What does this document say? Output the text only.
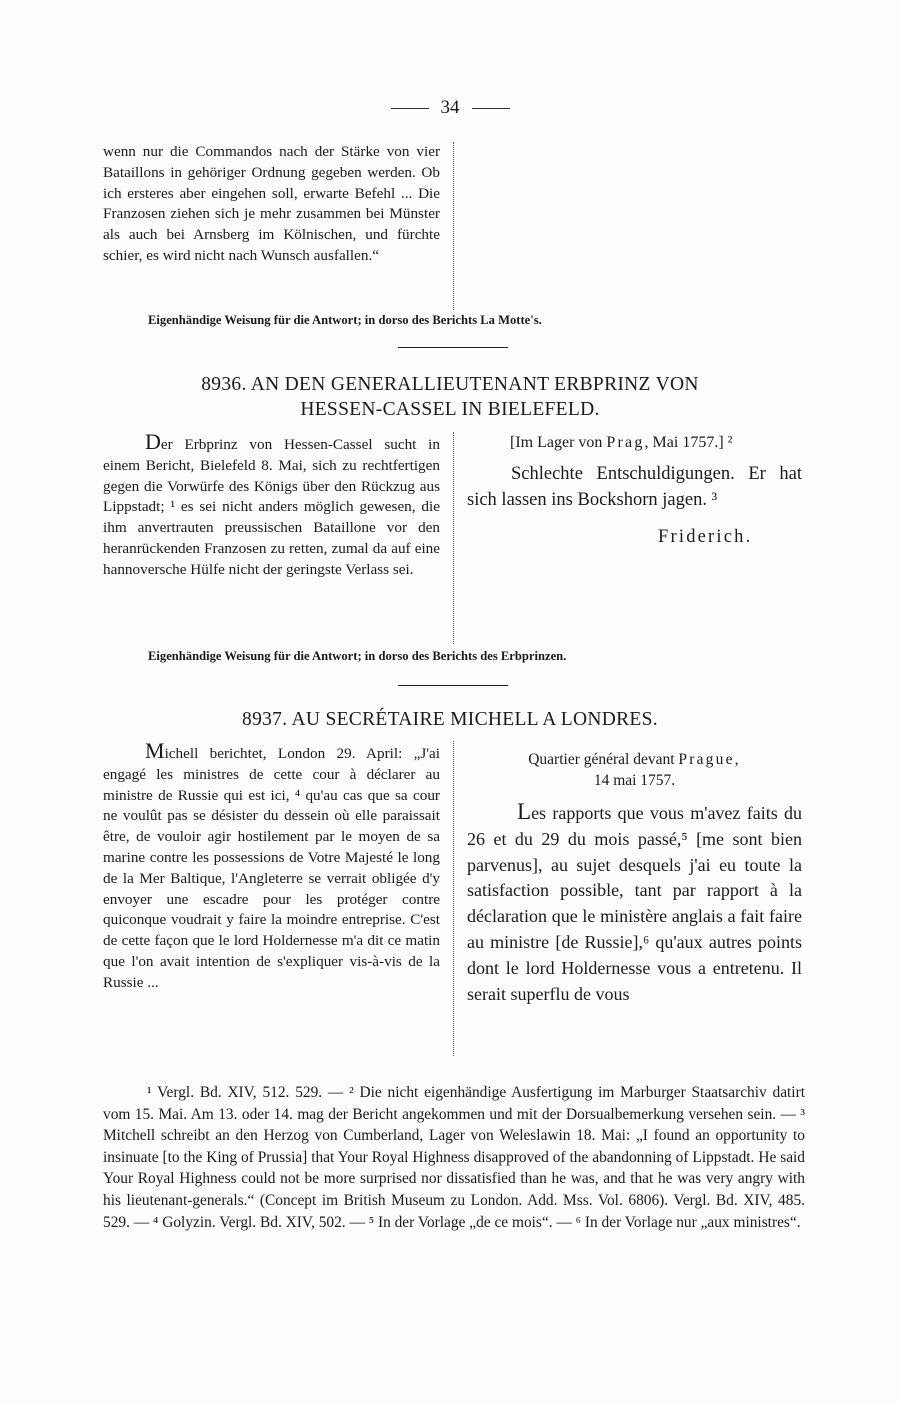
34

wenn nur die Commandos nach der Stärke von vier Bataillons in gehöriger Ordnung gegeben werden. Ob ich ersteres aber eingehen soll, erwarte Befehl ... Die Franzosen ziehen sich je mehr zusammen bei Münster als auch bei Arnsberg im Kölnischen, und fürchte schier, es wird nicht nach Wunsch ausfallen.“

Eigenhändige Weisung für die Antwort; in dorso des Berichts La Motte's.
8936. AN DEN GENERALLIEUTENANT ERBPRINZ VON
HESSEN-CASSEL IN BIELEFELD.

Der Erbprinz von Hessen-Cassel sucht in einem Bericht, Bielefeld 8. Mai, sich zu rechtfertigen gegen die Vorwürfe des Königs über den Rückzug aus Lippstadt; ¹ es sei nicht anders möglich gewesen, die ihm anvertrauten preussischen Bataillone vor den heranrückenden Franzosen zu retten, zumal da auf eine hannoversche Hülfe nicht der geringste Verlass sei.

[Im Lager von Prag, Mai 1757.] ²
Schlechte Entschuldigungen. Er hat sich lassen ins Bockshorn jagen. ³
Friderich.
Eigenhändige Weisung für die Antwort; in dorso des Berichts des Erbprinzen.
8937. AU SECRÉTAIRE MICHELL A LONDRES.

Michell berichtet, London 29. April: „J'ai engagé les ministres de cette cour à déclarer au ministre de Russie qui est ici, ⁴ qu'au cas que sa cour ne voulût pas se désister du dessein où elle paraissait être, de vouloir agir hostilement par le moyen de sa marine contre les possessions de Votre Majesté le long de la Mer Baltique, l'Angleterre se verrait obligée d'y envoyer une escadre pour les protéger contre quiconque voudrait y faire la moindre entreprise. C'est de cette façon que le lord Holdernesse m'a dit ce matin que l'on avait intention de s'expliquer vis-à-vis de la Russie ...

Quartier général devant Prague,
14 mai 1757.
Les rapports que vous m'avez faits du 26 et du 29 du mois passé,⁵ [me sont bien parvenus], au sujet desquels j'ai eu toute la satisfaction possible, tant par rapport à la déclaration que le ministère anglais a fait faire au ministre [de Russie],⁶ qu'aux autres points dont le lord Holdernesse vous a entretenu. Il serait superflu de vous
¹ Vergl. Bd. XIV, 512. 529. — ² Die nicht eigenhändige Ausfertigung im Marburger Staatsarchiv datirt vom 15. Mai. Am 13. oder 14. mag der Bericht angekommen und mit der Dorsualbemerkung versehen sein. — ³ Mitchell schreibt an den Herzog von Cumberland, Lager von Weleslawin 18. Mai: „I found an opportunity to insinuate [to the King of Prussia] that Your Royal Highness disapproved of the abandonning of Lippstadt. He said Your Royal Highness could not be more surprised nor dissatisfied than he was, and that he was very angry with his lieutenant-generals.“ (Concept im British Museum zu London. Add. Mss. Vol. 6806). Vergl. Bd. XIV, 485. 529. — ⁴ Golyzin. Vergl. Bd. XIV, 502. — ⁵ In der Vorlage „de ce mois“. — ⁶ In der Vorlage nur „aux ministres“.
